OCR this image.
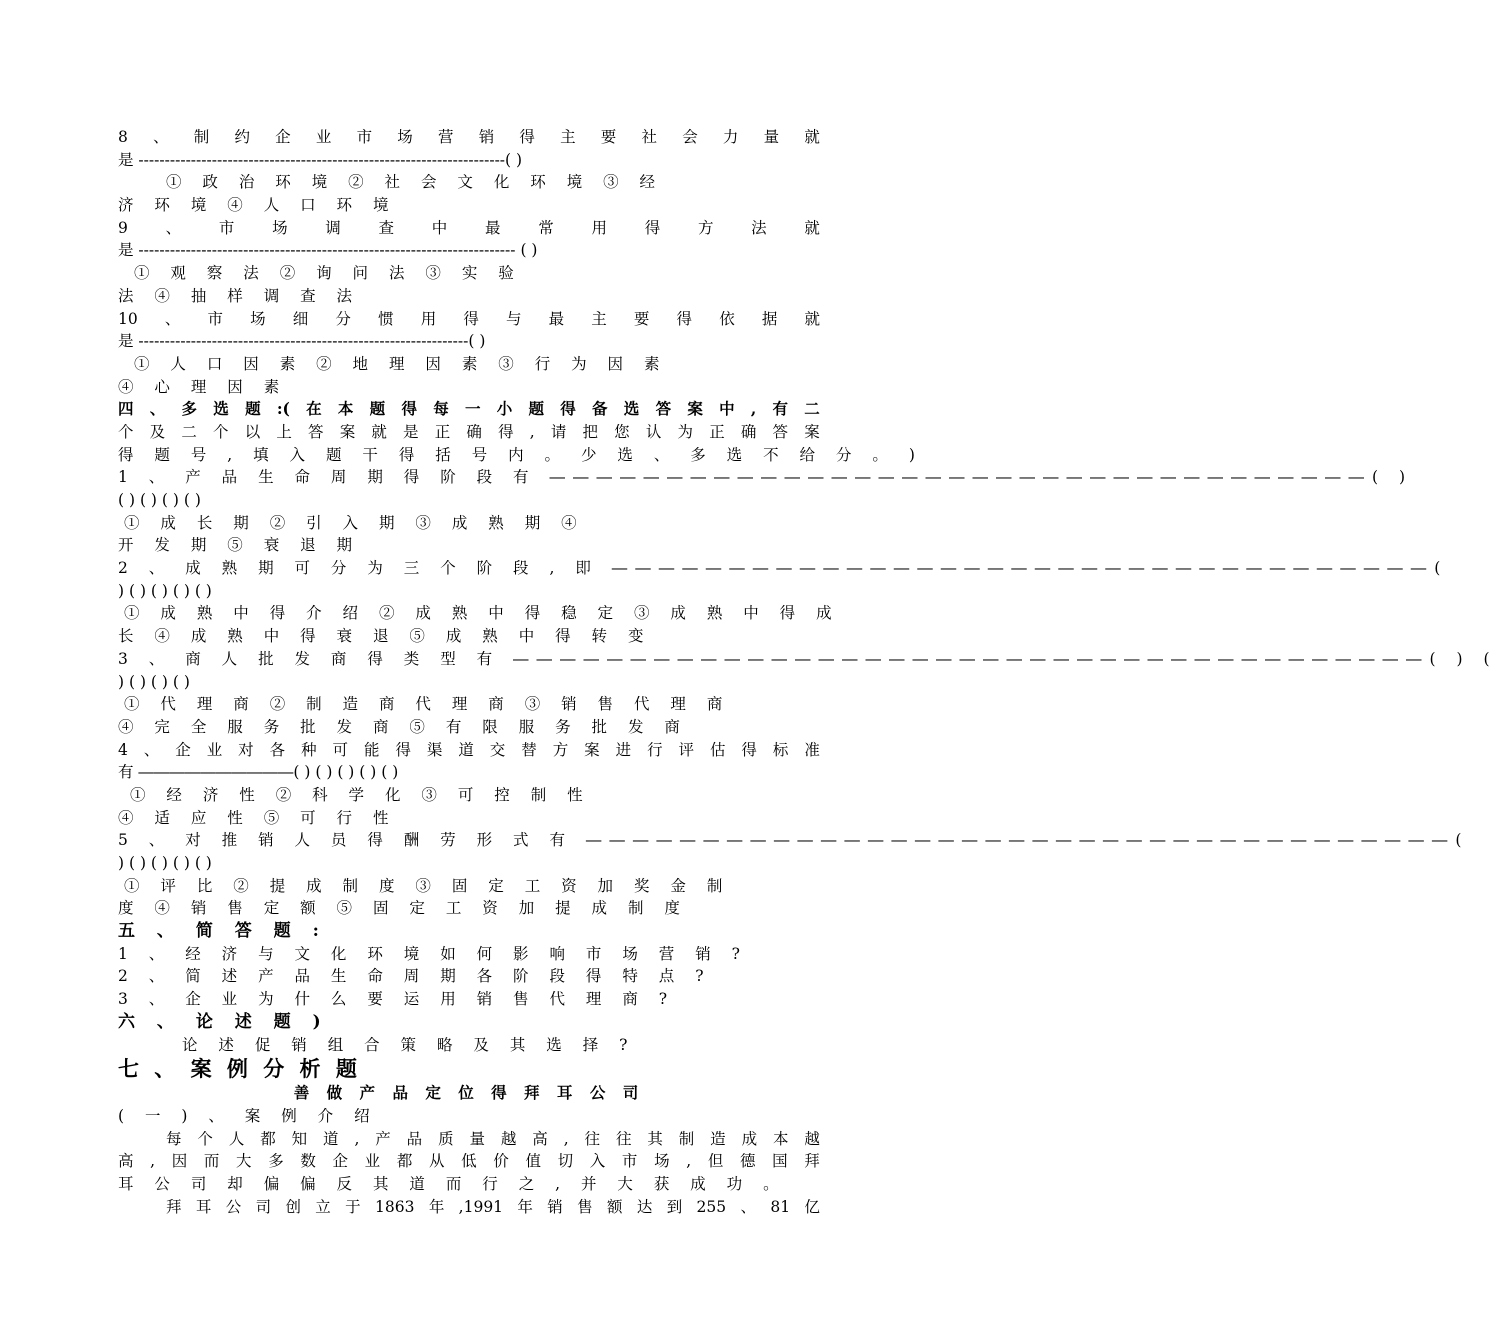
8 、 制 约 企 业 市 场 营 销 得 主 要 社 会 力 量 就
是 ----------------------------------------------------------------------( )
① 政 治 环 境 ② 社 会 文 化 环 境 ③ 经
济 环 境 ④ 人 口 环 境
9 、 市 场 调 查 中 最 常 用 得 方 法 就
是 ------------------------------------------------------------------------ ( )
① 观 察 法 ② 询 问 法 ③ 实 验
法 ④ 抽 样 调 查 法
10 、 市 场 细 分 惯 用 得 与 最 主 要 得 依 据 就
是 ---------------------------------------------------------------( )
① 人 口 因 素 ② 地 理 因 素 ③ 行 为 因 素
④ 心 理 因 素
四 、 多 选 题 :( 在 本 题 得 每 一 小 题 得 备 选 答 案 中 , 有 二
个 及 二 个 以 上 答 案 就 是 正 确 得 , 请 把 您 认 为 正 确 答 案
得 题 号 , 填 入 题 干 得 括 号 内 。 少 选 、 多 选 不 给 分 。 )
1 、 产 品 生 命 周 期 得 阶 段 有 ―――――――――――――――――――――――――――――――――――( )
( ) ( ) ( ) ( )
① 成 长 期 ② 引 入 期 ③ 成 熟 期 ④
开 发 期 ⑤ 衰 退 期
2 、 成 熟 期 可 分 为 三 个 阶 段 , 即 ―――――――――――――――――――――――――――――――――――(
) ( ) ( ) ( ) ( )
① 成 熟 中 得 介 绍 ② 成 熟 中 得 稳 定 ③ 成 熟 中 得 成
长 ④ 成 熟 中 得 衰 退 ⑤ 成 熟 中 得 转 变
3 、 商 人 批 发 商 得 类 型 有 ―――――――――――――――――――――――――――――――――――――――( ) (
) ( ) ( ) ( )
① 代 理 商 ② 制 造 商 代 理 商 ③ 销 售 代 理 商
④ 完 全 服 务 批 发 商 ⑤ 有 限 服 务 批 发 商
4 、 企 业 对 各 种 可 能 得 渠 道 交 替 方 案 进 行 评 估 得 标 准
有 ――――――――――( ) ( ) ( ) ( ) ( )
① 经 济 性 ② 科 学 化 ③ 可 控 制 性
④ 适 应 性 ⑤ 可 行 性
5 、 对 推 销 人 员 得 酬 劳 形 式 有 ―――――――――――――――――――――――――――――――――――――(
) ( ) ( ) ( ) ( )
① 评 比 ② 提 成 制 度 ③ 固 定 工 资 加 奖 金 制
度 ④ 销 售 定 额 ⑤ 固 定 工 资 加 提 成 制 度
五 、 简 答 题 :
1 、 经 济 与 文 化 环 境 如 何 影 响 市 场 营 销 ?
2 、 简 述 产 品 生 命 周 期 各 阶 段 得 特 点 ?
3 、 企 业 为 什 么 要 运 用 销 售 代 理 商 ?
六 、 论 述 题 )
论 述 促 销 组 合 策 略 及 其 选 择 ?
七 、 案 例 分 析 题
善 做 产 品 定 位 得 拜 耳 公 司
( 一 ) 、 案 例 介 绍
每 个 人 都 知 道 , 产 品 质 量 越 高 , 往 往 其 制 造 成 本 越
高 , 因 而 大 多 数 企 业 都 从 低 价 值 切 入 市 场 , 但 德 国 拜
耳 公 司 却 偏 偏 反 其 道 而 行 之 , 并 大 获 成 功 。
拜 耳 公 司 创 立 于 1863 年 ,1991 年 销 售 额 达 到 255 、 81 亿
